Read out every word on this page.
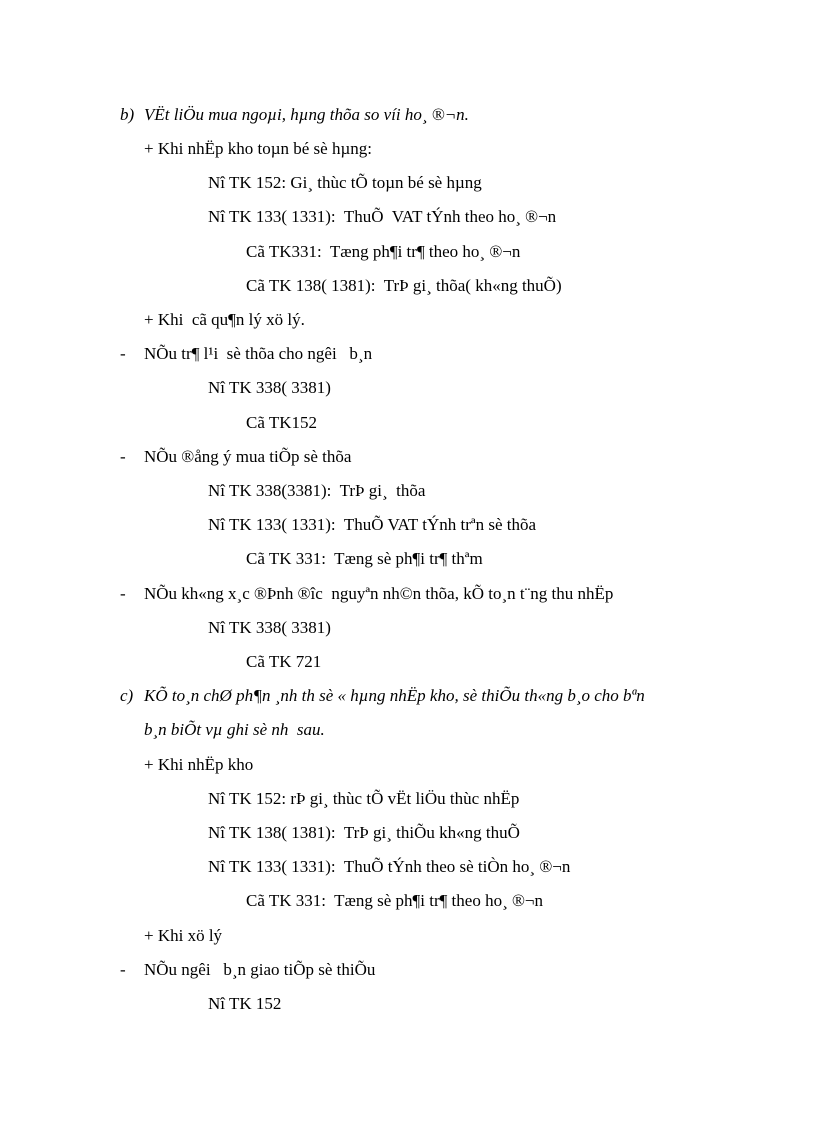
b) VËt liÖu mua ngoµi, hµng thõa so víi ho¸ ®¬n.
+ Khi nhËp kho toµn bé sè hµng:
Nî TK 152: Gi¸ thùc tÕ toµn bé sè hµng
Nî TK 133( 1331):  ThuÕ  VAT tÝnh theo ho¸ ®¬n
Cã TK331:  Tæng ph¶i tr¶ theo ho¸ ®¬n
Cã TK 138( 1381):  TrÞ gi¸ thõa( kh«ng thuÕ)
+ Khi  cã qu¶n lý xö lý.
- NÕu tr¶ l¹i  sè thõa cho ngêi   b¸n
Nî TK 338( 3381)
Cã TK152
- NÕu ®ång ý mua tiÕp sè thõa
Nî TK 338(3381):  TrÞ gi¸  thõa
Nî TK 133( 1331):  ThuÕ VAT tÝnh trªn sè thõa
Cã TK 331:  Tæng sè ph¶i tr¶ thªm
- NÕu kh«ng x¸c ®Þnh ®îc  nguyªn nh©n thõa, kÕ to¸n t¨ng thu nhËp
Nî TK 338( 3381)
Cã TK 721
c) KÕ to¸n chØ ph¶n ¸nh th sè « hµng nhËp kho, sè thiÕu th«ng b¸o cho bªn
b¸n biÕt vµ ghi sè nh  sau.
+ Khi nhËp kho
Nî TK 152: rÞ gi¸ thùc tÕ vËt liÖu thùc nhËp
Nî TK 138( 1381):  TrÞ gi¸ thiÕu kh«ng thuÕ
Nî TK 133( 1331):  ThuÕ tÝnh theo sè tiÒn ho¸ ®¬n
Cã TK 331:  Tæng sè ph¶i tr¶ theo ho¸ ®¬n
+ Khi xö lý
- NÕu ngêi   b¸n giao tiÕp sè thiÕu
Nî TK 152
